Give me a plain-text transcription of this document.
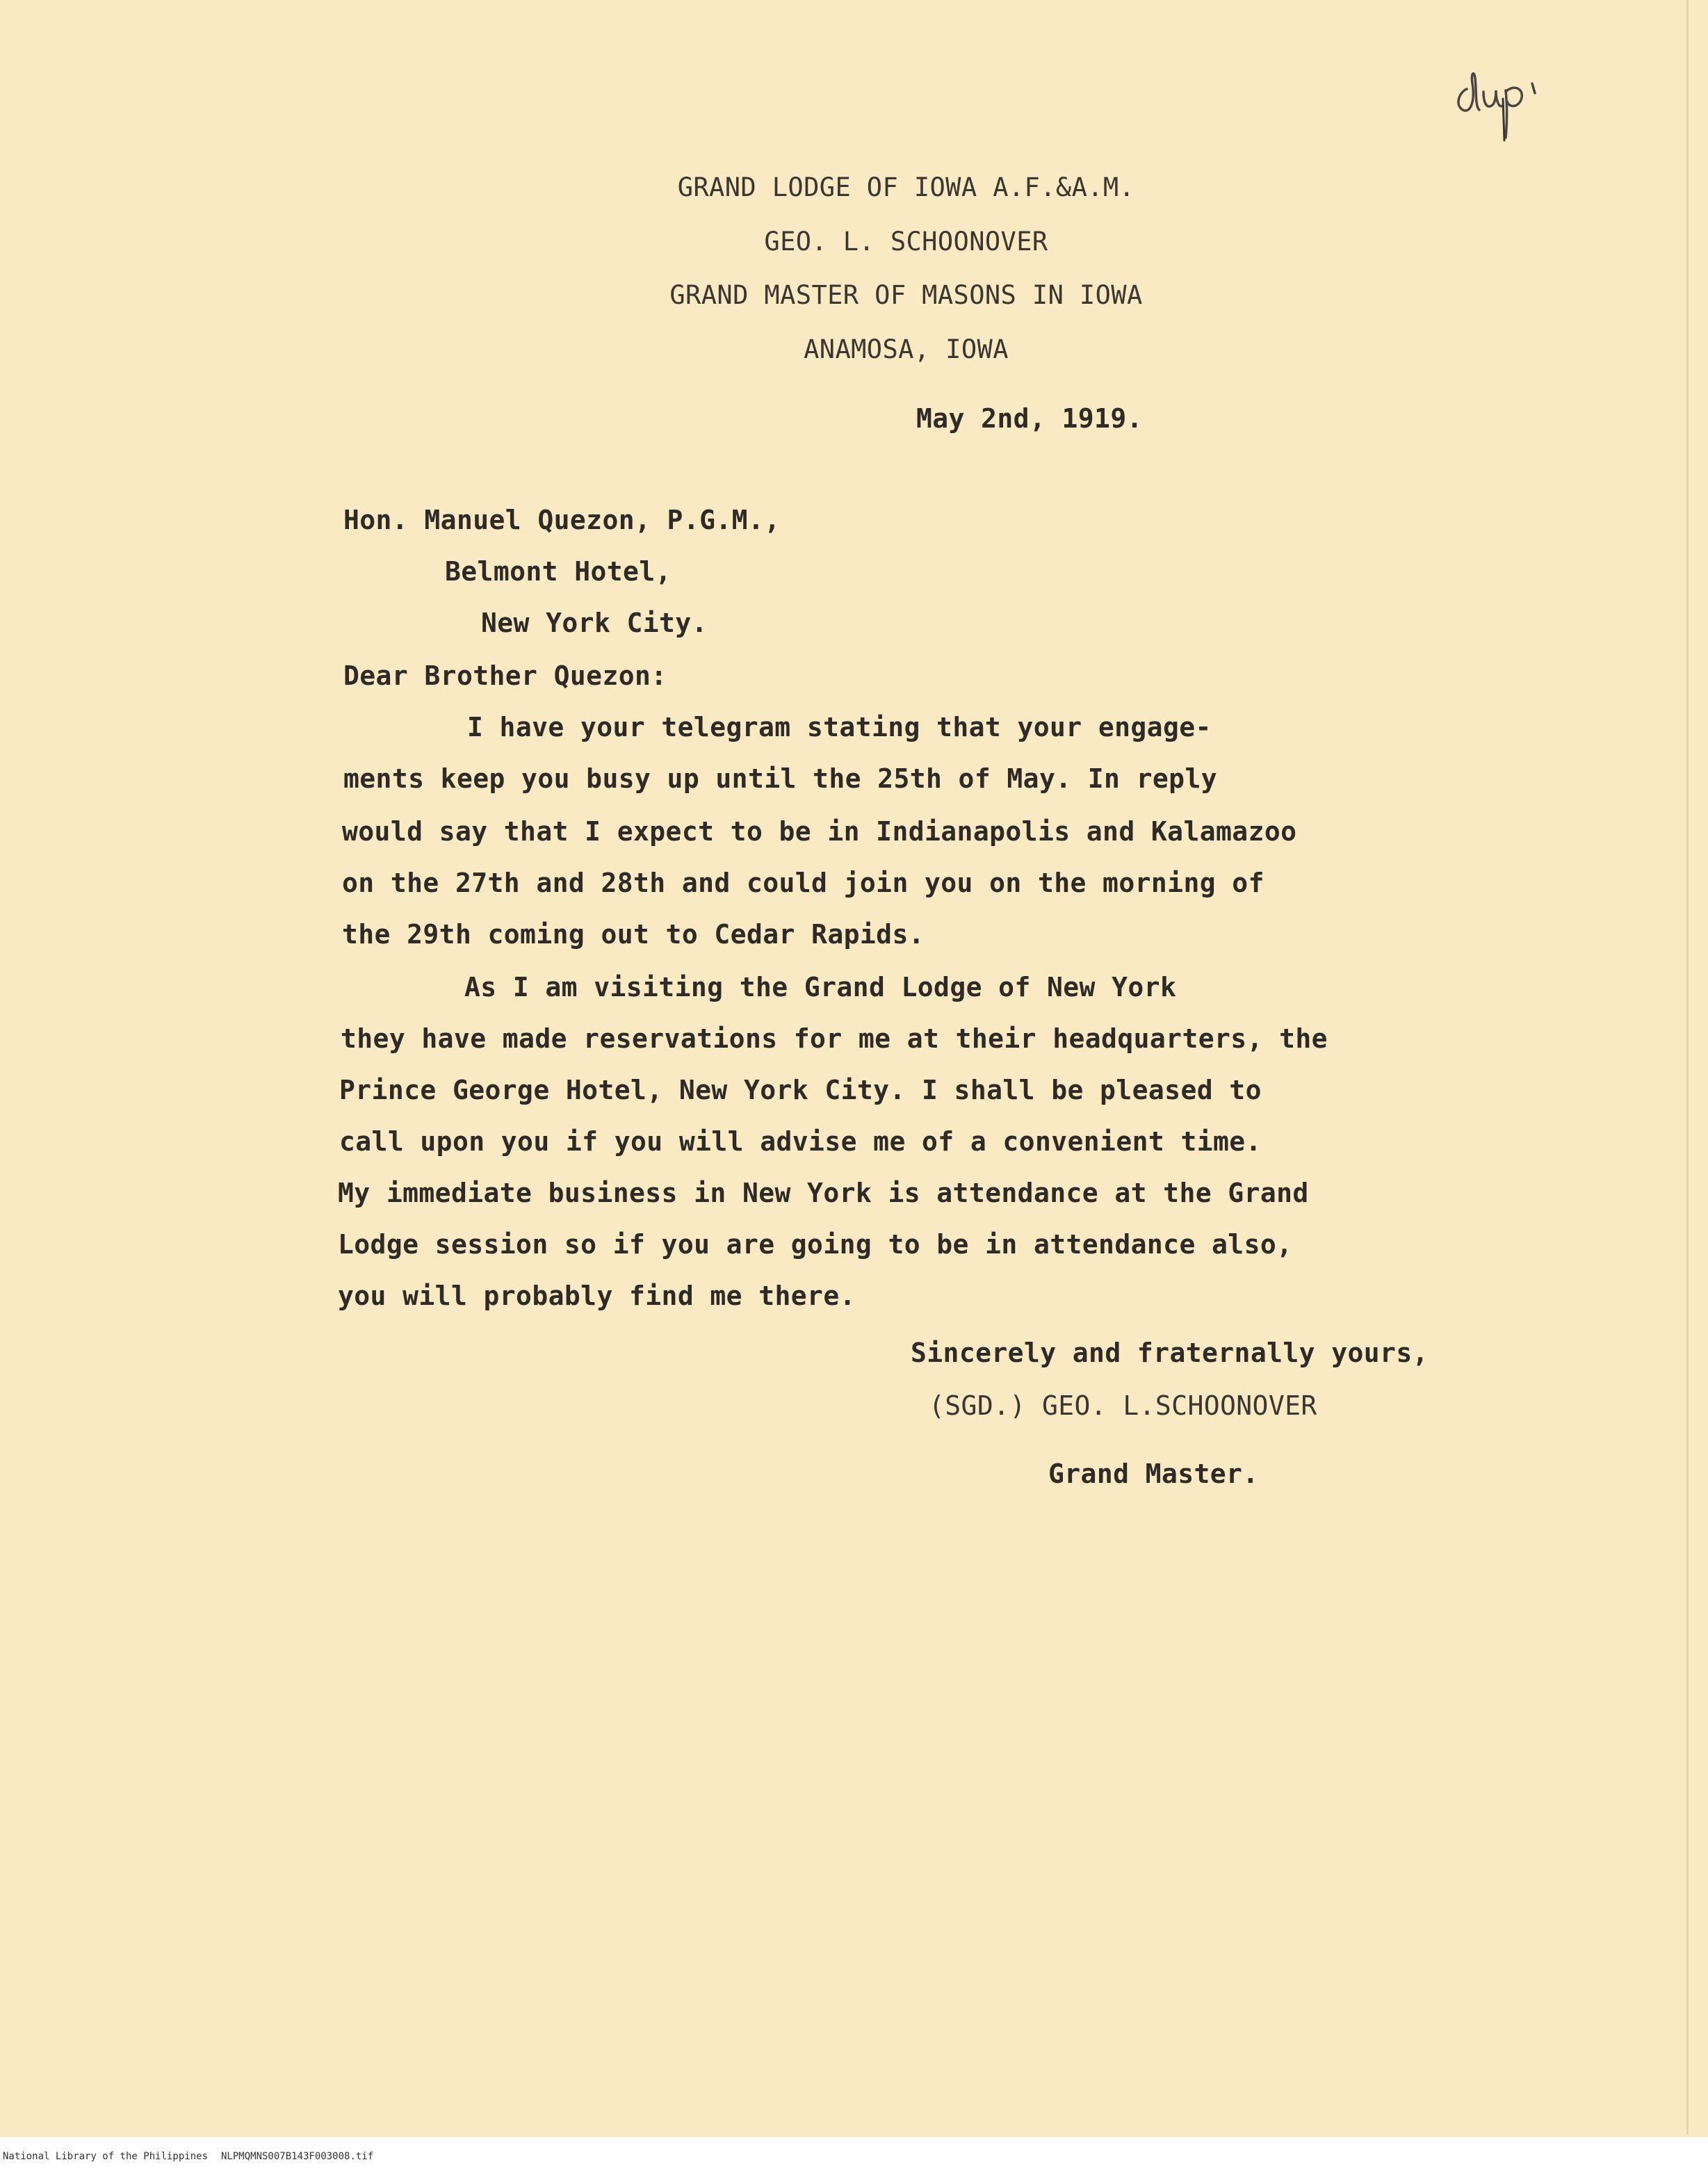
GRAND LODGE OF IOWA A.F.&A.M.
GEO. L. SCHOONOVER
GRAND MASTER OF MASONS IN IOWA
ANAMOSA, IOWA
May 2nd, 1919.
Hon. Manuel Quezon, P.G.M.,
Belmont Hotel,
New York City.
Dear Brother Quezon:
I have your telegram stating that your engage-
ments keep you busy up until the 25th of May. In reply
would say that I expect to be in Indianapolis and Kalamazoo
on the 27th and 28th and could join you on the morning of
the 29th coming out to Cedar Rapids.
As I am visiting the Grand Lodge of New York
they have made reservations for me at their headquarters, the
Prince George Hotel, New York City. I shall be pleased to
call upon you if you will advise me of a convenient time.
My immediate business in New York is attendance at the Grand
Lodge session so if you are going to be in attendance also,
you will probably find me there.
Sincerely and fraternally yours,
(SGD.) GEO. L.SCHOONOVER
Grand Master.
National Library of the Philippines NLPMQMNS007B143F003008.tif
